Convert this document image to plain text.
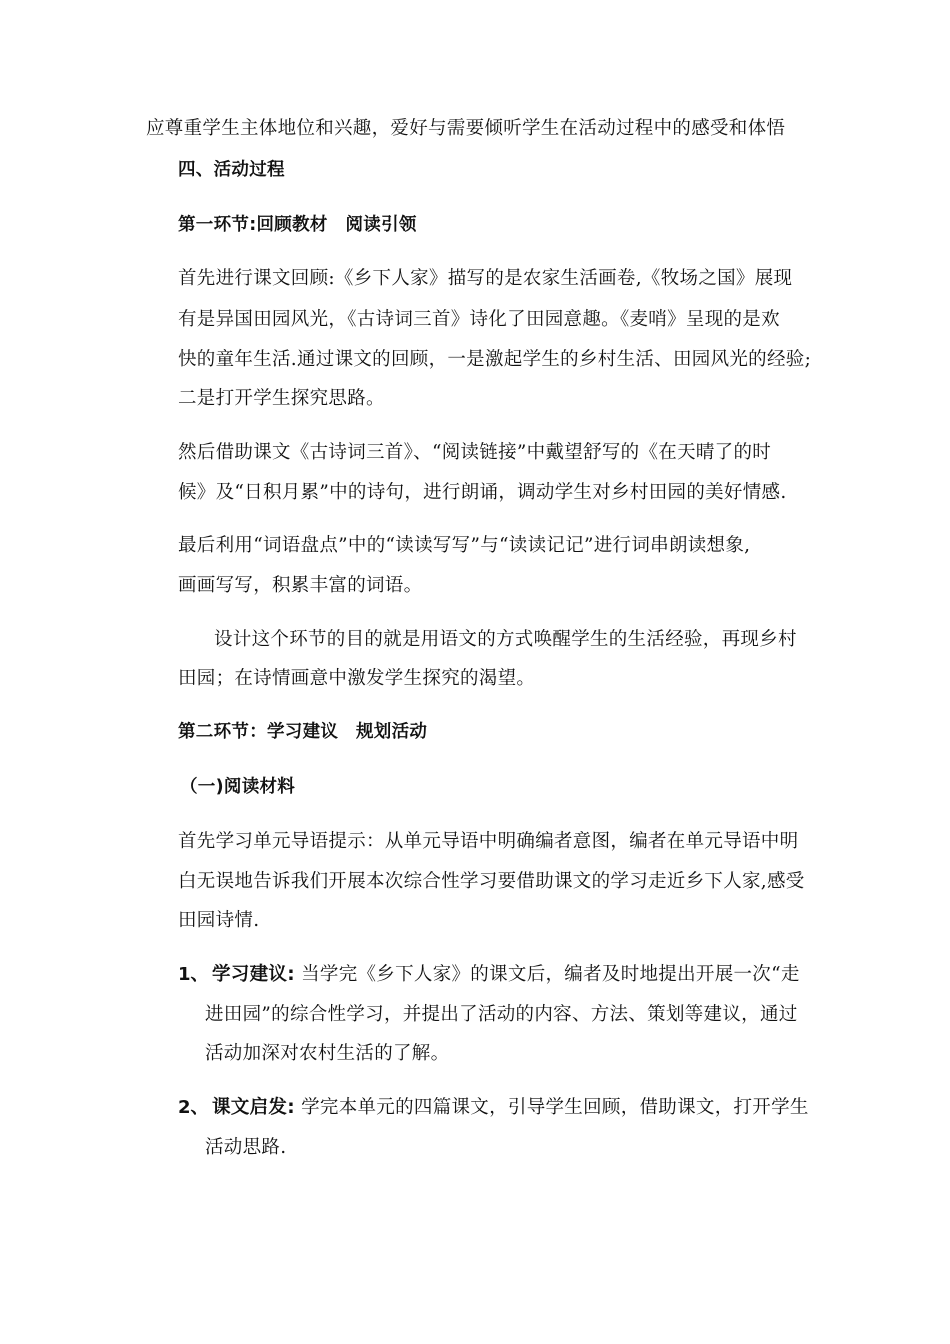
应尊重学生主体地位和兴趣，爱好与需要倾听学生在活动过程中的感受和体悟
四、活动过程
第一环节:回顾教材　阅读引领
首先进行课文回顾:《乡下人家》描写的是农家生活画卷,《牧场之国》展现
有是异国田园风光，《古诗词三首》诗化了田园意趣。《麦哨》呈现的是欢
快的童年生活.通过课文的回顾，一是激起学生的乡村生活、田园风光的经验;
二是打开学生探究思路。
然后借助课文《古诗词三首》、“阅读链接”中戴望舒写的《在天晴了的时
候》及“日积月累”中的诗句，进行朗诵，调动学生对乡村田园的美好情感.
最后利用“词语盘点”中的“读读写写”与“读读记记”进行词串朗读想象,
画画写写，积累丰富的词语。
设计这个环节的目的就是用语文的方式唤醒学生的生活经验，再现乡村
田园；在诗情画意中激发学生探究的渴望。
第二环节：学习建议　规划活动
（一)阅读材料
首先学习单元导语提示：从单元导语中明确编者意图，编者在单元导语中明
白无误地告诉我们开展本次综合性学习要借助课文的学习走近乡下人家,感受
田园诗情.
1、 学习建议: 当学完《乡下人家》的课文后，编者及时地提出开展一次“走
进田园”的综合性学习，并提出了活动的内容、方法、策划等建议，通过
活动加深对农村生活的了解。
2、 课文启发: 学完本单元的四篇课文，引导学生回顾，借助课文，打开学生
活动思路.
